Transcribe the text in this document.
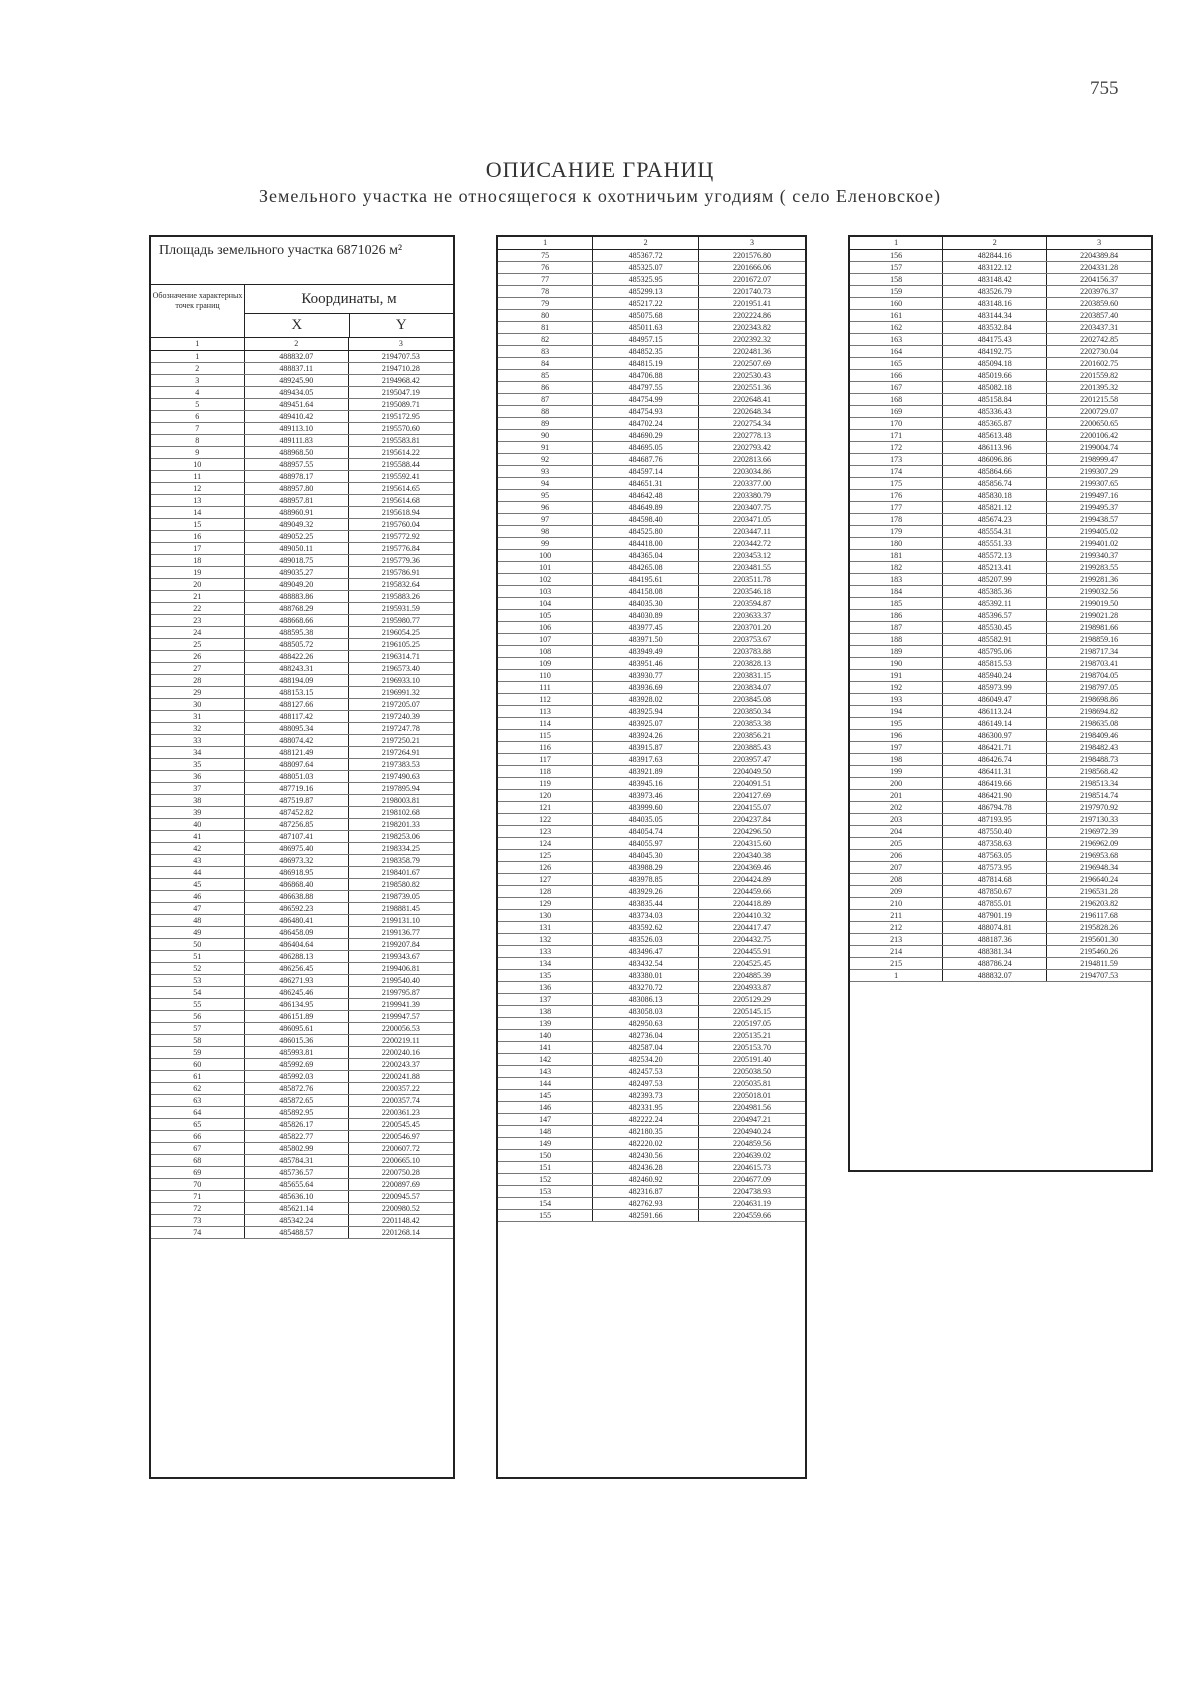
755
ОПИСАНИЕ ГРАНИЦ
Земельного участка не относящегося к охотничьим угодиям ( село Еленовское)
Площадь земельного участка 6871026 м²
Обозначение характерных точек границ	Координаты, м
X	Y
1	2	3
1	488832.07	2194707.53
2	488837.11	2194710.28
3	489245.90	2194968.42
4	489434.05	2195047.19
5	489451.64	2195089.71
6	489410.42	2195172.95
7	489113.10	2195570.60
8	489111.83	2195583.81
9	488968.50	2195614.22
10	488957.55	2195588.44
11	488978.17	2195592.41
12	488957.80	2195614.65
13	488957.81	2195614.68
14	488960.91	2195618.94
15	489049.32	2195760.04
16	489052.25	2195772.92
17	489050.11	2195776.84
18	489018.75	2195779.36
19	489035.27	2195786.91
20	489049.20	2195832.64
21	488883.86	2195883.26
22	488768.29	2195931.59
23	488668.66	2195980.77
24	488595.38	2196054.25
25	488505.72	2196105.25
26	488422.26	2196314.71
27	488243.31	2196573.40
28	488194.09	2196933.10
29	488153.15	2196991.32
30	488127.66	2197205.07
31	488117.42	2197240.39
32	488095.34	2197247.78
33	488074.42	2197250.21
34	488121.49	2197264.91
35	488097.64	2197383.53
36	488051.03	2197490.63
37	487719.16	2197895.94
38	487519.87	2198003.81
39	487452.82	2198102.68
40	487256.85	2198201.33
41	487107.41	2198253.06
42	486975.40	2198334.25
43	486973.32	2198358.79
44	486918.95	2198401.67
45	486868.40	2198580.82
46	486638.88	2198739.05
47	486592.23	2198881.45
48	486480.41	2199131.10
49	486458.09	2199136.77
50	486404.64	2199207.84
51	486288.13	2199343.67
52	486256.45	2199406.81
53	486271.93	2199540.40
54	486245.46	2199795.87
55	486134.95	2199941.39
56	486151.89	2199947.57
57	486095.61	2200056.53
58	486015.36	2200219.11
59	485993.81	2200240.16
60	485992.69	2200243.37
61	485992.03	2200241.88
62	485872.76	2200357.22
63	485872.65	2200357.74
64	485892.95	2200361.23
65	485826.17	2200545.45
66	485822.77	2200546.97
67	485802.99	2200607.72
68	485784.31	2200665.10
69	485736.57	2200750.28
70	485655.64	2200897.69
71	485636.10	2200945.57
72	485621.14	2200980.52
73	485342.24	2201148.42
74	485488.57	2201268.14
1	2	3
75	485367.72	2201576.80
76	485325.07	2201666.06
77	485325.95	2201672.07
78	485299.13	2201740.73
79	485217.22	2201951.41
80	485075.68	2202224.86
81	485011.63	2202343.82
82	484957.15	2202392.32
83	484852.35	2202481.36
84	484815.19	2202507.69
85	484706.88	2202530.43
86	484797.55	2202551.36
87	484754.99	2202648.41
88	484754.93	2202648.34
89	484702.24	2202754.34
90	484690.29	2202778.13
91	484695.05	2202793.42
92	484687.76	2202813.66
93	484597.14	2203034.86
94	484651.31	2203377.00
95	484642.48	2203380.79
96	484649.89	2203407.75
97	484598.40	2203471.05
98	484525.80	2203447.11
99	484418.00	2203442.72
100	484365.04	2203453.12
101	484265.08	2203481.55
102	484195.61	2203511.78
103	484158.08	2203546.18
104	484035.30	2203594.87
105	484030.89	2203633.37
106	483977.45	2203701.20
107	483971.50	2203753.67
108	483949.49	2203783.88
109	483951.46	2203828.13
110	483930.77	2203831.15
111	483936.69	2203834.07
112	483928.02	2203845.08
113	483925.94	2203850.34
114	483925.07	2203853.38
115	483924.26	2203856.21
116	483915.87	2203885.43
117	483917.63	2203957.47
118	483921.89	2204049.50
119	483945.16	2204091.51
120	483973.46	2204127.69
121	483999.60	2204155.07
122	484035.05	2204237.84
123	484054.74	2204296.50
124	484055.97	2204315.60
125	484045.30	2204340.38
126	483988.29	2204369.46
127	483978.85	2204424.89
128	483929.26	2204459.66
129	483835.44	2204418.89
130	483734.03	2204410.32
131	483592.62	2204417.47
132	483526.03	2204432.75
133	483496.47	2204455.91
134	483432.54	2204525.45
135	483380.01	2204885.39
136	483270.72	2204933.87
137	483086.13	2205129.29
138	483058.03	2205145.15
139	482950.63	2205197.05
140	482736.04	2205135.21
141	482587.04	2205153.70
142	482534.20	2205191.40
143	482457.53	2205038.50
144	482497.53	2205035.81
145	482393.73	2205018.01
146	482331.95	2204981.56
147	482222.24	2204947.21
148	482180.35	2204940.24
149	482220.02	2204859.56
150	482430.56	2204639.02
151	482436.28	2204615.73
152	482460.92	2204677.09
153	482316.87	2204738.93
154	482762.93	2204631.19
155	482591.66	2204559.66
1	2	3
156	482844.16	2204389.84
157	483122.12	2204331.28
158	483148.42	2204156.37
159	483526.79	2203976.37
160	483148.16	2203859.60
161	483144.34	2203857.40
162	483532.84	2203437.31
163	484175.43	2202742.85
164	484192.75	2202730.04
165	485094.18	2201602.75
166	485019.66	2201559.82
167	485082.18	2201395.32
168	485158.84	2201215.58
169	485336.43	2200729.07
170	485365.87	2200650.65
171	485613.48	2200106.42
172	486113.96	2199004.74
173	486096.86	2198999.47
174	485864.66	2199307.29
175	485856.74	2199307.65
176	485830.18	2199497.16
177	485821.12	2199495.37
178	485674.23	2199438.57
179	485554.31	2199405.02
180	485551.33	2199401.02
181	485572.13	2199340.37
182	485213.41	2199283.55
183	485207.99	2199281.36
184	485385.36	2199032.56
185	485392.11	2199019.50
186	485396.57	2199021.28
187	485530.45	2198981.66
188	485582.91	2198859.16
189	485795.06	2198717.34
190	485815.53	2198703.41
191	485940.24	2198704.05
192	485973.99	2198797.05
193	486049.47	2198698.86
194	486113.24	2198694.82
195	486149.14	2198635.08
196	486300.97	2198409.46
197	486421.71	2198482.43
198	486426.74	2198488.73
199	486411.31	2198568.42
200	486419.66	2198513.34
201	486421.90	2198514.74
202	486794.78	2197970.92
203	487193.95	2197130.33
204	487550.40	2196972.39
205	487358.63	2196962.09
206	487563.05	2196953.68
207	487573.95	2196948.34
208	487814.68	2196640.24
209	487850.67	2196531.28
210	487855.01	2196203.82
211	487901.19	2196117.68
212	488074.81	2195828.26
213	488187.36	2195601.30
214	488381.34	2195460.26
215	488786.24	2194811.59
1	488832.07	2194707.53
